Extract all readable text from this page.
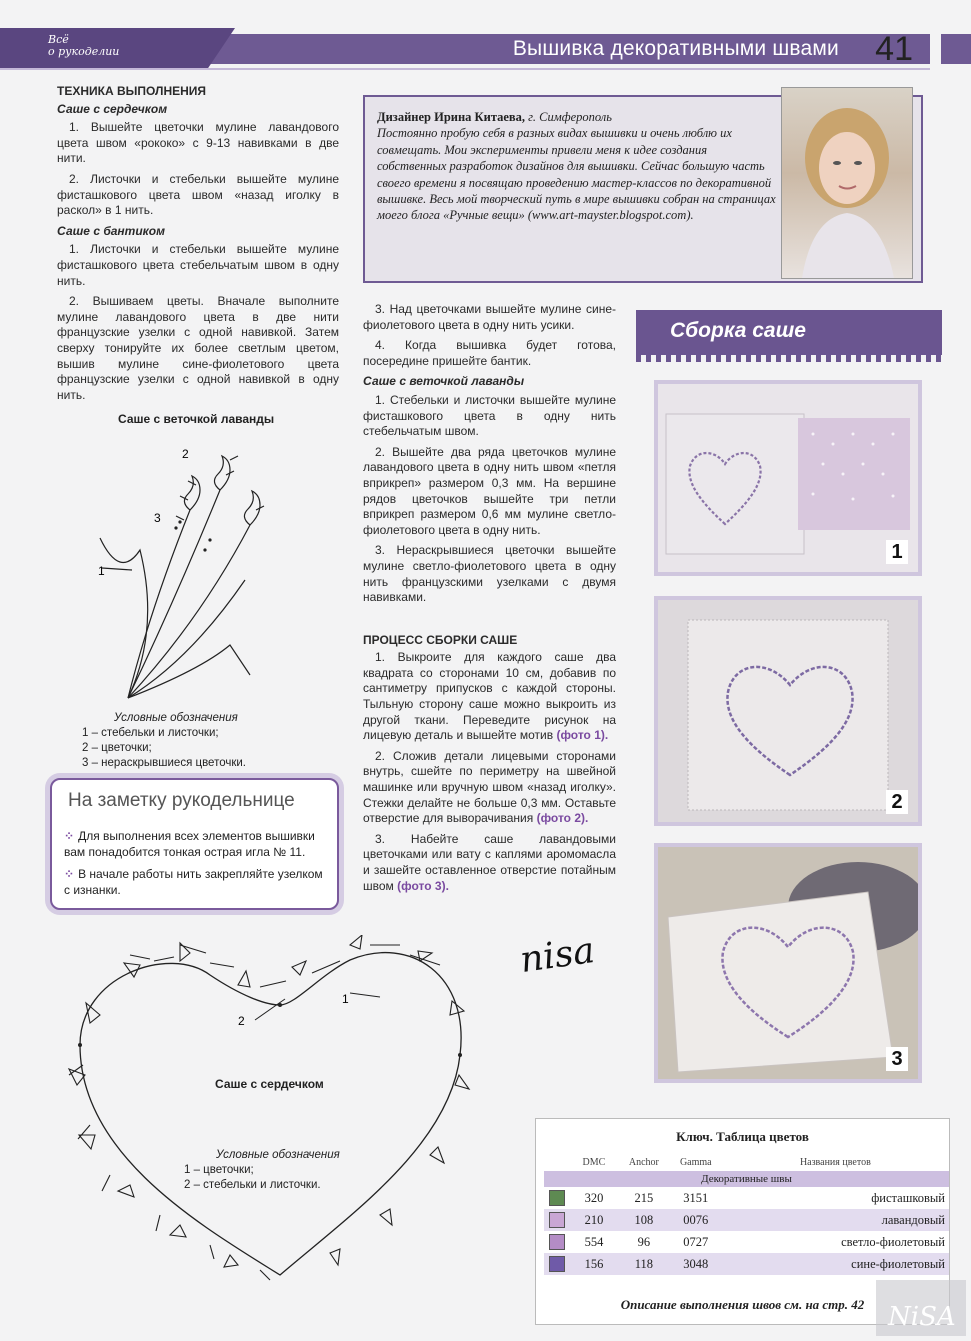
Всё
о рукоделии	Вышивка декоративными швами 41
ТЕХНИКА ВЫПОЛНЕНИЯ
Саше с сердечком

1. Вышейте цветочки мулине лавандового цвета швом «рококо» с 9-13 навивками в две нити.

2. Листочки и стебельки вышейте мулине фисташкового цвета швом «назад иголку в раскол» в 1 нить.

Саше с бантиком

1. Листочки и стебельки вышейте мулине фисташкового цвета стебельчатым швом в одну нить.

2. Вышиваем цветы. Вначале выполните мулине лавандового цвета в две нити французские узелки с одной навивкой. Затем сверху тонируйте их более светлым цветом, вышив мулине сине-фиолетового цвета французские узелки с одной навивкой в одну нить.

Дизайнер Ирина Китаева, г. Симферополь
Постоянно пробую себя в разных видах вышивки и очень люблю их совмещать. Мои эксперименты привели меня к идее создания собственных разработок дизайнов для вышивки. Сейчас большую часть своего времени я посвящаю проведению мастер-классов по декоративной вышивке. Весь мой творческий путь в мире вышивки собран на страницах моего блога «Ручные вещи» (www.art-mayster.blogspot.com).

3. Над цветочками вышейте мулине сине-фиолетового цвета в одну нить усики.

4. Когда вышивка будет готова, посередине пришейте бантик.

Саше с веточкой лаванды

1. Стебельки и листочки вышейте мулине фисташкового цвета в одну нить стебельчатым швом.

2. Вышейте два ряда цветочков мулине лавандового цвета в одну нить швом «петля вприкреп» размером 0,3 мм. На вершине рядов цветочков вышейте три петли вприкреп размером 0,6 мм мулине светло-фиолетового цвета в одну нить.

3. Нераскрывшиеся цветочки вышейте мулине светло-фиолетового цвета в одну нить французскими узелками с двумя навивками.

ПРОЦЕСС СБОРКИ САШЕ

1. Выкроите для каждого саше два квадрата со сторонами 10 см, добавив по сантиметру припусков с каждой стороны. Тыльную сторону саше можно выкроить из другой ткани. Переведите рисунок на лицевую деталь и вышейте мотив (фото 1).

2. Сложив детали лицевыми сторонами внутрь, сшейте по периметру на швейной машинке или вручную швом «назад иголку». Стежки делайте не больше 0,3 мм. Оставьте отверстие для выворачивания (фото 2).

3. Набейте саше лавандовыми цветочками или вату с каплями аромомасла и зашейте оставленное отверстие потайным швом (фото 3).

Саше с веточкой лаванды
2
3
1
Условные обозначения
1 – стебельки и листочки;
2 – цветочки;
3 – нераскрывшиеся цветочки.
На заметку рукодельнице
⁘ Для выполнения всех элементов вышивки вам понадобится тонкая острая игла № 11.
⁘ В начале работы нить закрепляйте узелком с изнанки.
1
2
Саше с сердечком
Условные обозначения
1 – цветочки;
2 – стебельки и листочки.
nisa
Сборка саше
1
2
3
Ключ. Таблица цветов
	DMC	Anchor	Gamma	Названия цветов
Декоративные швы				
	320	215	3151	фисташковый
	210	108	0076	лавандовый
	554	96	0727	светло-фиолетовый
	156	118	3048	сине-фиолетовый
Описание выполнения швов см. на стр. 42 NiSA
